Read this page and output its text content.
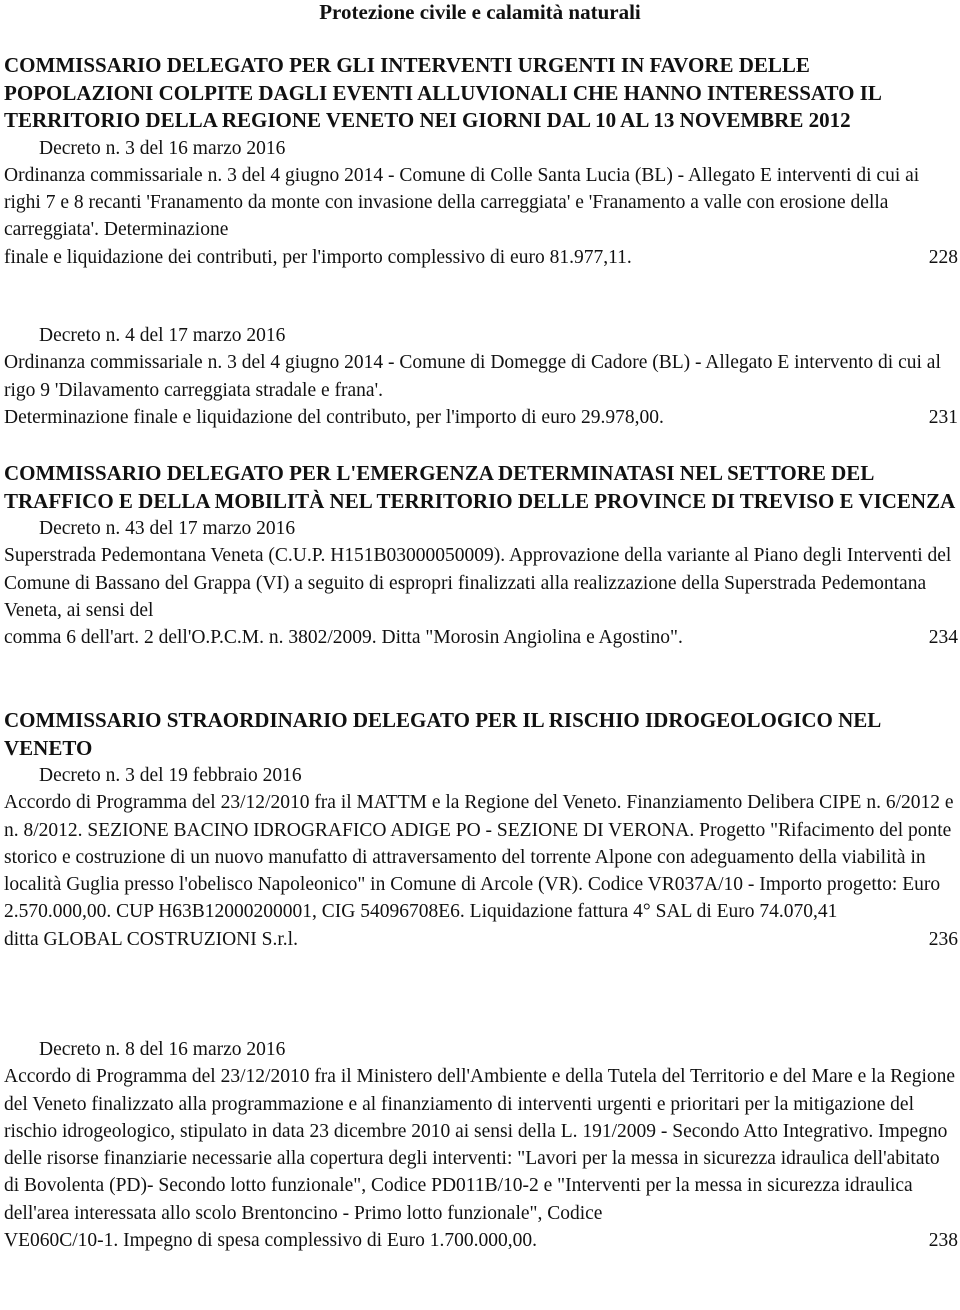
Protezione civile e calamità naturali
COMMISSARIO DELEGATO PER GLI INTERVENTI URGENTI IN FAVORE DELLE POPOLAZIONI COLPITE DAGLI EVENTI ALLUVIONALI CHE HANNO INTERESSATO IL TERRITORIO DELLA REGIONE VENETO NEI GIORNI DAL 10 AL 13 NOVEMBRE 2012
Decreto n. 3 del 16 marzo 2016
Ordinanza commissariale n. 3 del 4 giugno 2014 - Comune di Colle Santa Lucia (BL) - Allegato E interventi di cui ai righi 7 e 8 recanti 'Franamento da monte con invasione della carreggiata' e 'Franamento a valle con erosione della carreggiata'. Determinazione
finale e liquidazione dei contributi, per l'importo complessivo di euro 81.977,11.	228
Decreto n. 4 del 17 marzo 2016
Ordinanza commissariale n. 3 del 4 giugno 2014 - Comune di Domegge di Cadore (BL) - Allegato E intervento di cui al rigo 9 'Dilavamento carreggiata stradale e frana'.
Determinazione finale e liquidazione del contributo, per l'importo di euro 29.978,00.	231
COMMISSARIO DELEGATO PER L'EMERGENZA DETERMINATASI NEL SETTORE DEL TRAFFICO E DELLA MOBILITÀ NEL TERRITORIO DELLE PROVINCE DI TREVISO E VICENZA
Decreto n. 43 del 17 marzo 2016
Superstrada Pedemontana Veneta (C.U.P. H151B03000050009). Approvazione della variante al Piano degli Interventi del Comune di Bassano del Grappa (VI) a seguito di espropri finalizzati alla realizzazione della Superstrada Pedemontana Veneta, ai sensi del
comma 6 dell'art. 2 dell'O.P.C.M. n. 3802/2009. Ditta "Morosin Angiolina e Agostino".	234
COMMISSARIO STRAORDINARIO DELEGATO PER IL RISCHIO IDROGEOLOGICO NEL VENETO
Decreto n. 3 del 19 febbraio 2016
Accordo di Programma del 23/12/2010 fra il MATTM e la Regione del Veneto. Finanziamento Delibera CIPE n. 6/2012 e n. 8/2012. SEZIONE BACINO IDROGRAFICO ADIGE PO - SEZIONE DI VERONA. Progetto "Rifacimento del ponte storico e costruzione di un nuovo manufatto di attraversamento del torrente Alpone con adeguamento della viabilità in località Guglia presso l'obelisco Napoleonico" in Comune di Arcole (VR). Codice VR037A/10 - Importo progetto: Euro 2.570.000,00. CUP H63B12000200001, CIG 54096708E6. Liquidazione fattura 4° SAL di Euro 74.070,41
ditta GLOBAL COSTRUZIONI S.r.l.	236
Decreto n. 8 del 16 marzo 2016
Accordo di Programma del 23/12/2010 fra il Ministero dell'Ambiente e della Tutela del Territorio e del Mare e la Regione del Veneto finalizzato alla programmazione e al finanziamento di interventi urgenti e prioritari per la mitigazione del rischio idrogeologico, stipulato in data 23 dicembre 2010 ai sensi della L. 191/2009 - Secondo Atto Integrativo. Impegno delle risorse finanziarie necessarie alla copertura degli interventi: "Lavori per la messa in sicurezza idraulica dell'abitato di Bovolenta (PD)- Secondo lotto funzionale", Codice PD011B/10-2 e "Interventi per la messa in sicurezza idraulica dell'area interessata allo scolo Brentoncino - Primo lotto funzionale", Codice
VE060C/10-1. Impegno di spesa complessivo di Euro 1.700.000,00.	238
